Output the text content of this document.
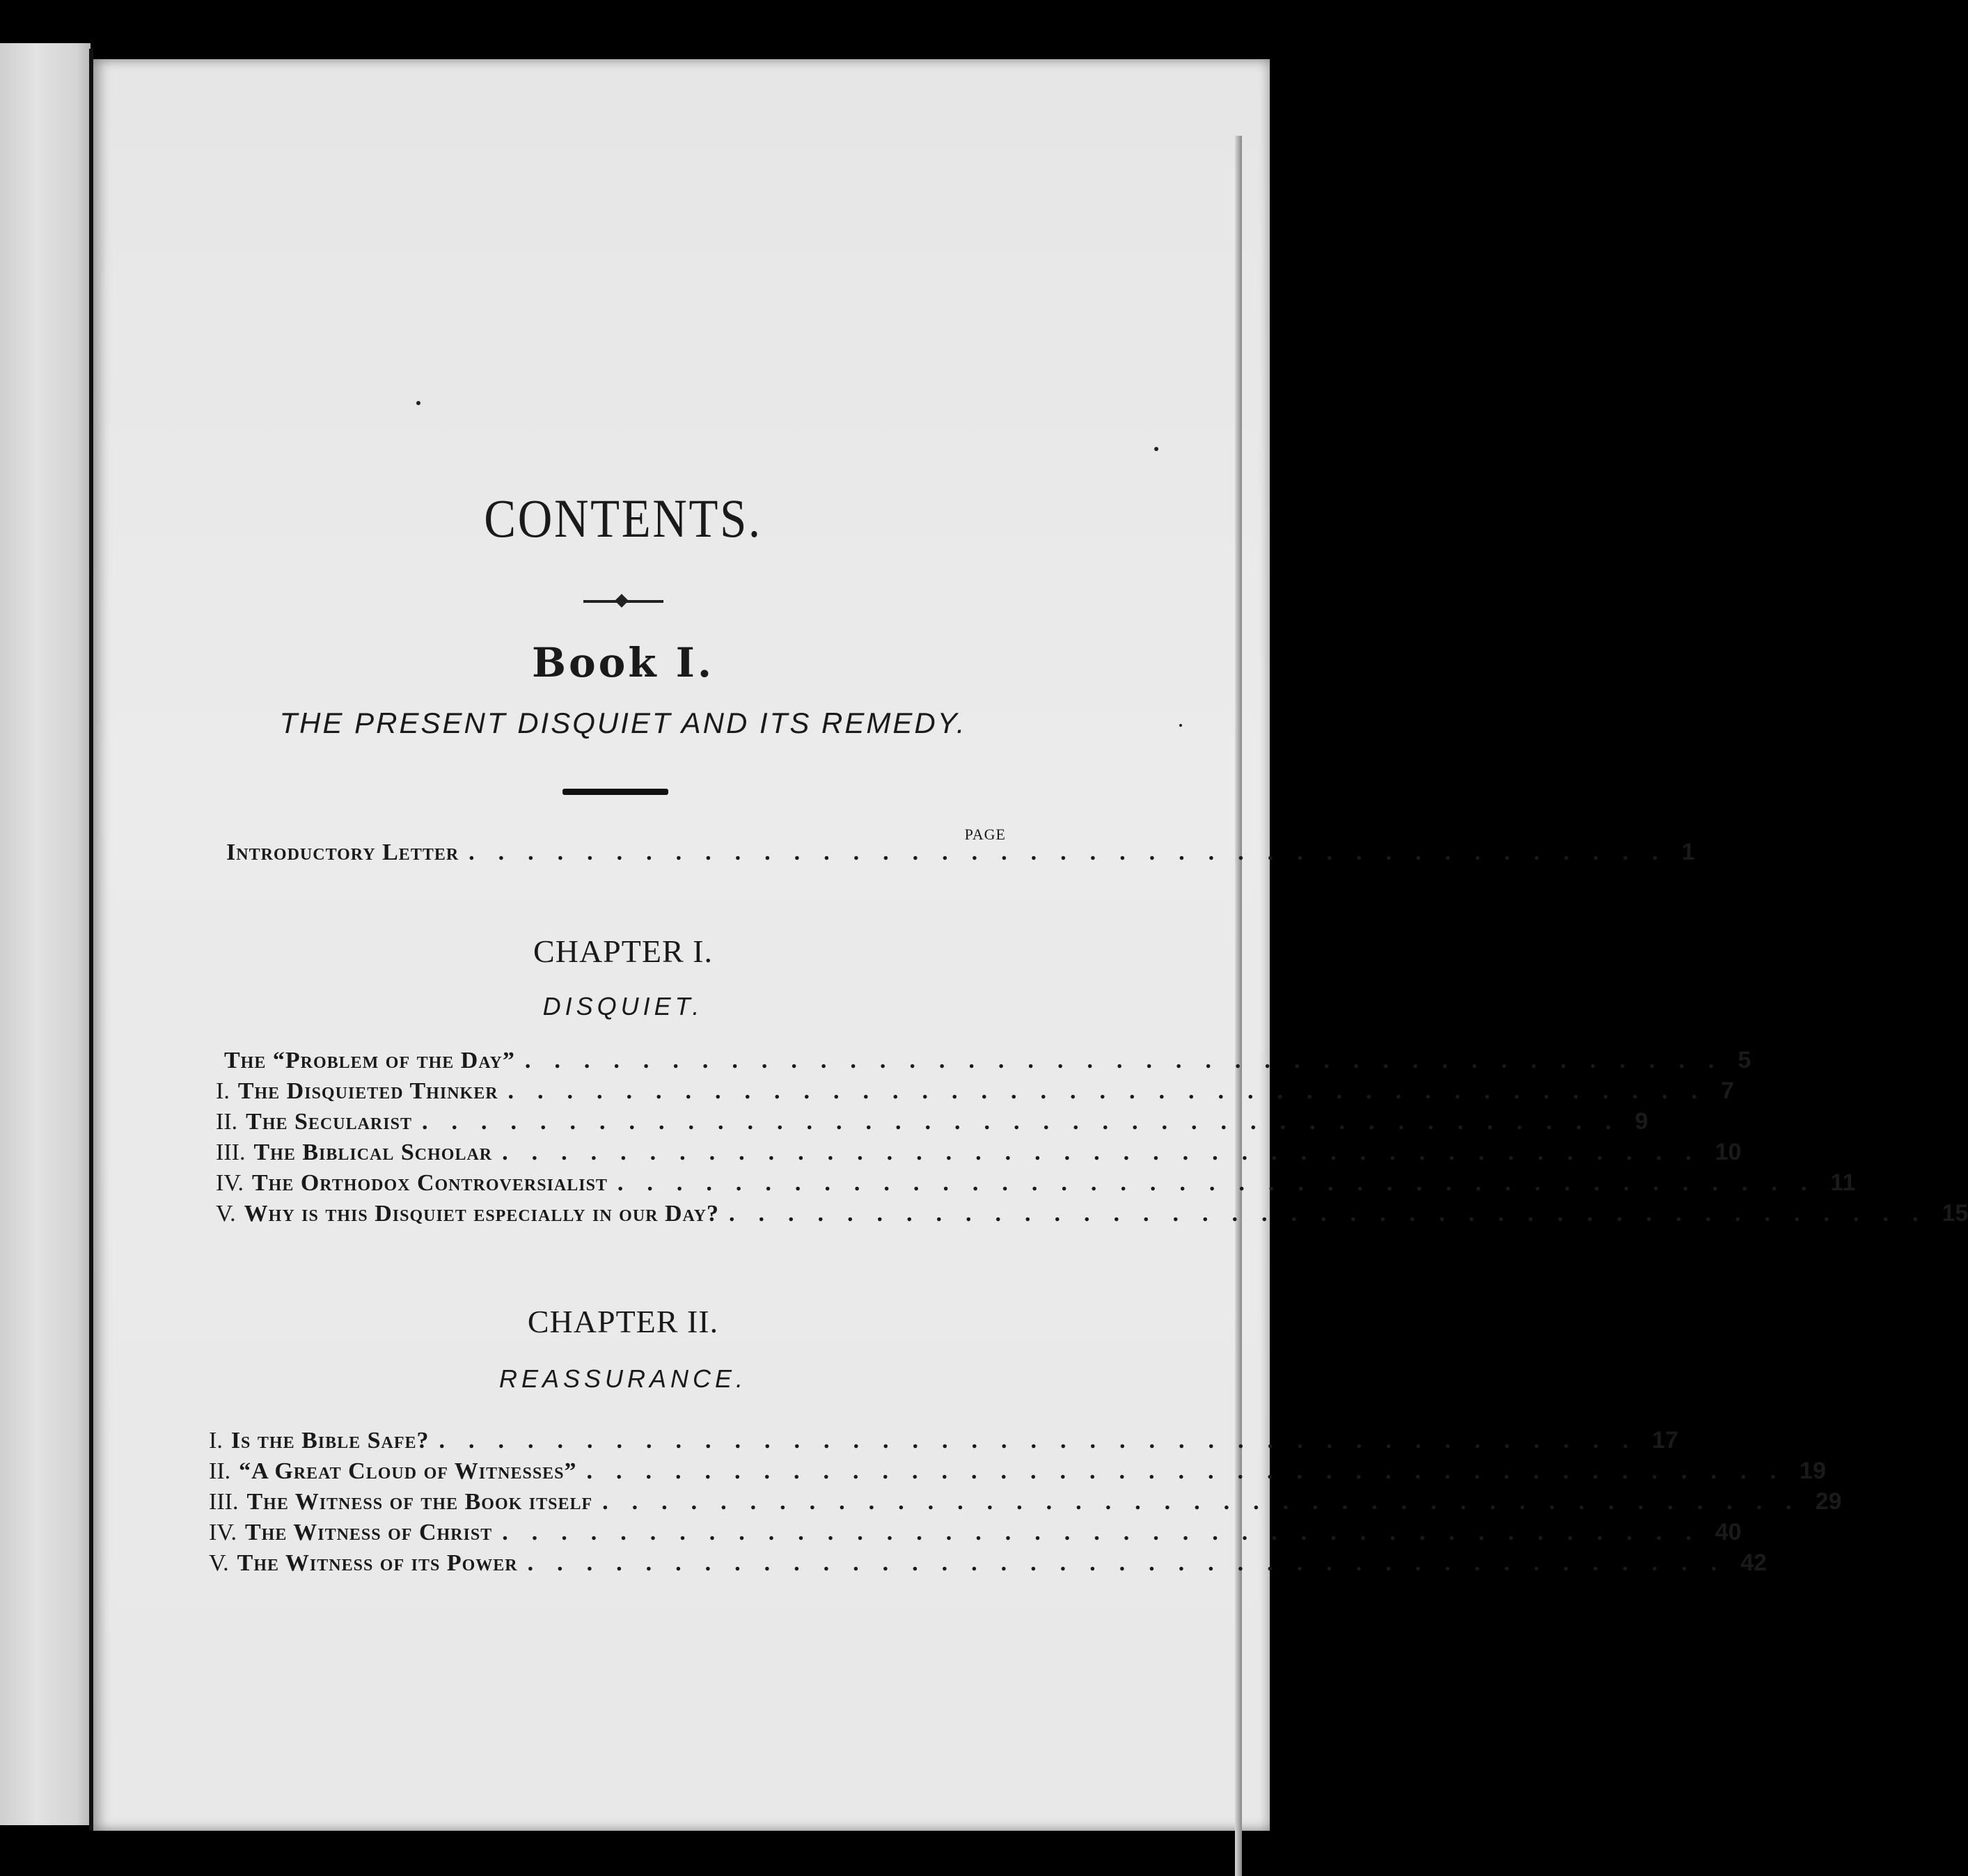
CONTENTS.
Book I.
THE PRESENT DISQUIET AND ITS REMEDY.
PAGE
Introductory Letter ......................................... 1
CHAPTER I.
DISQUIET.
The “Problem of the Day” ......................................... 5
I. The Disquieted Thinker ......................................... 7
II. The Secularist ......................................... 9
III. The Biblical Scholar ......................................... 10
IV. The Orthodox Controversialist ......................................... 11
V. Why is this Disquiet especially in our Day? ......................................... 15
CHAPTER II.
REASSURANCE.
I. Is the Bible Safe? ......................................... 17
II. “A Great Cloud of Witnesses” ......................................... 19
III. The Witness of the Book itself ......................................... 29
IV. The Witness of Christ ......................................... 40
V. The Witness of its Power ......................................... 42
